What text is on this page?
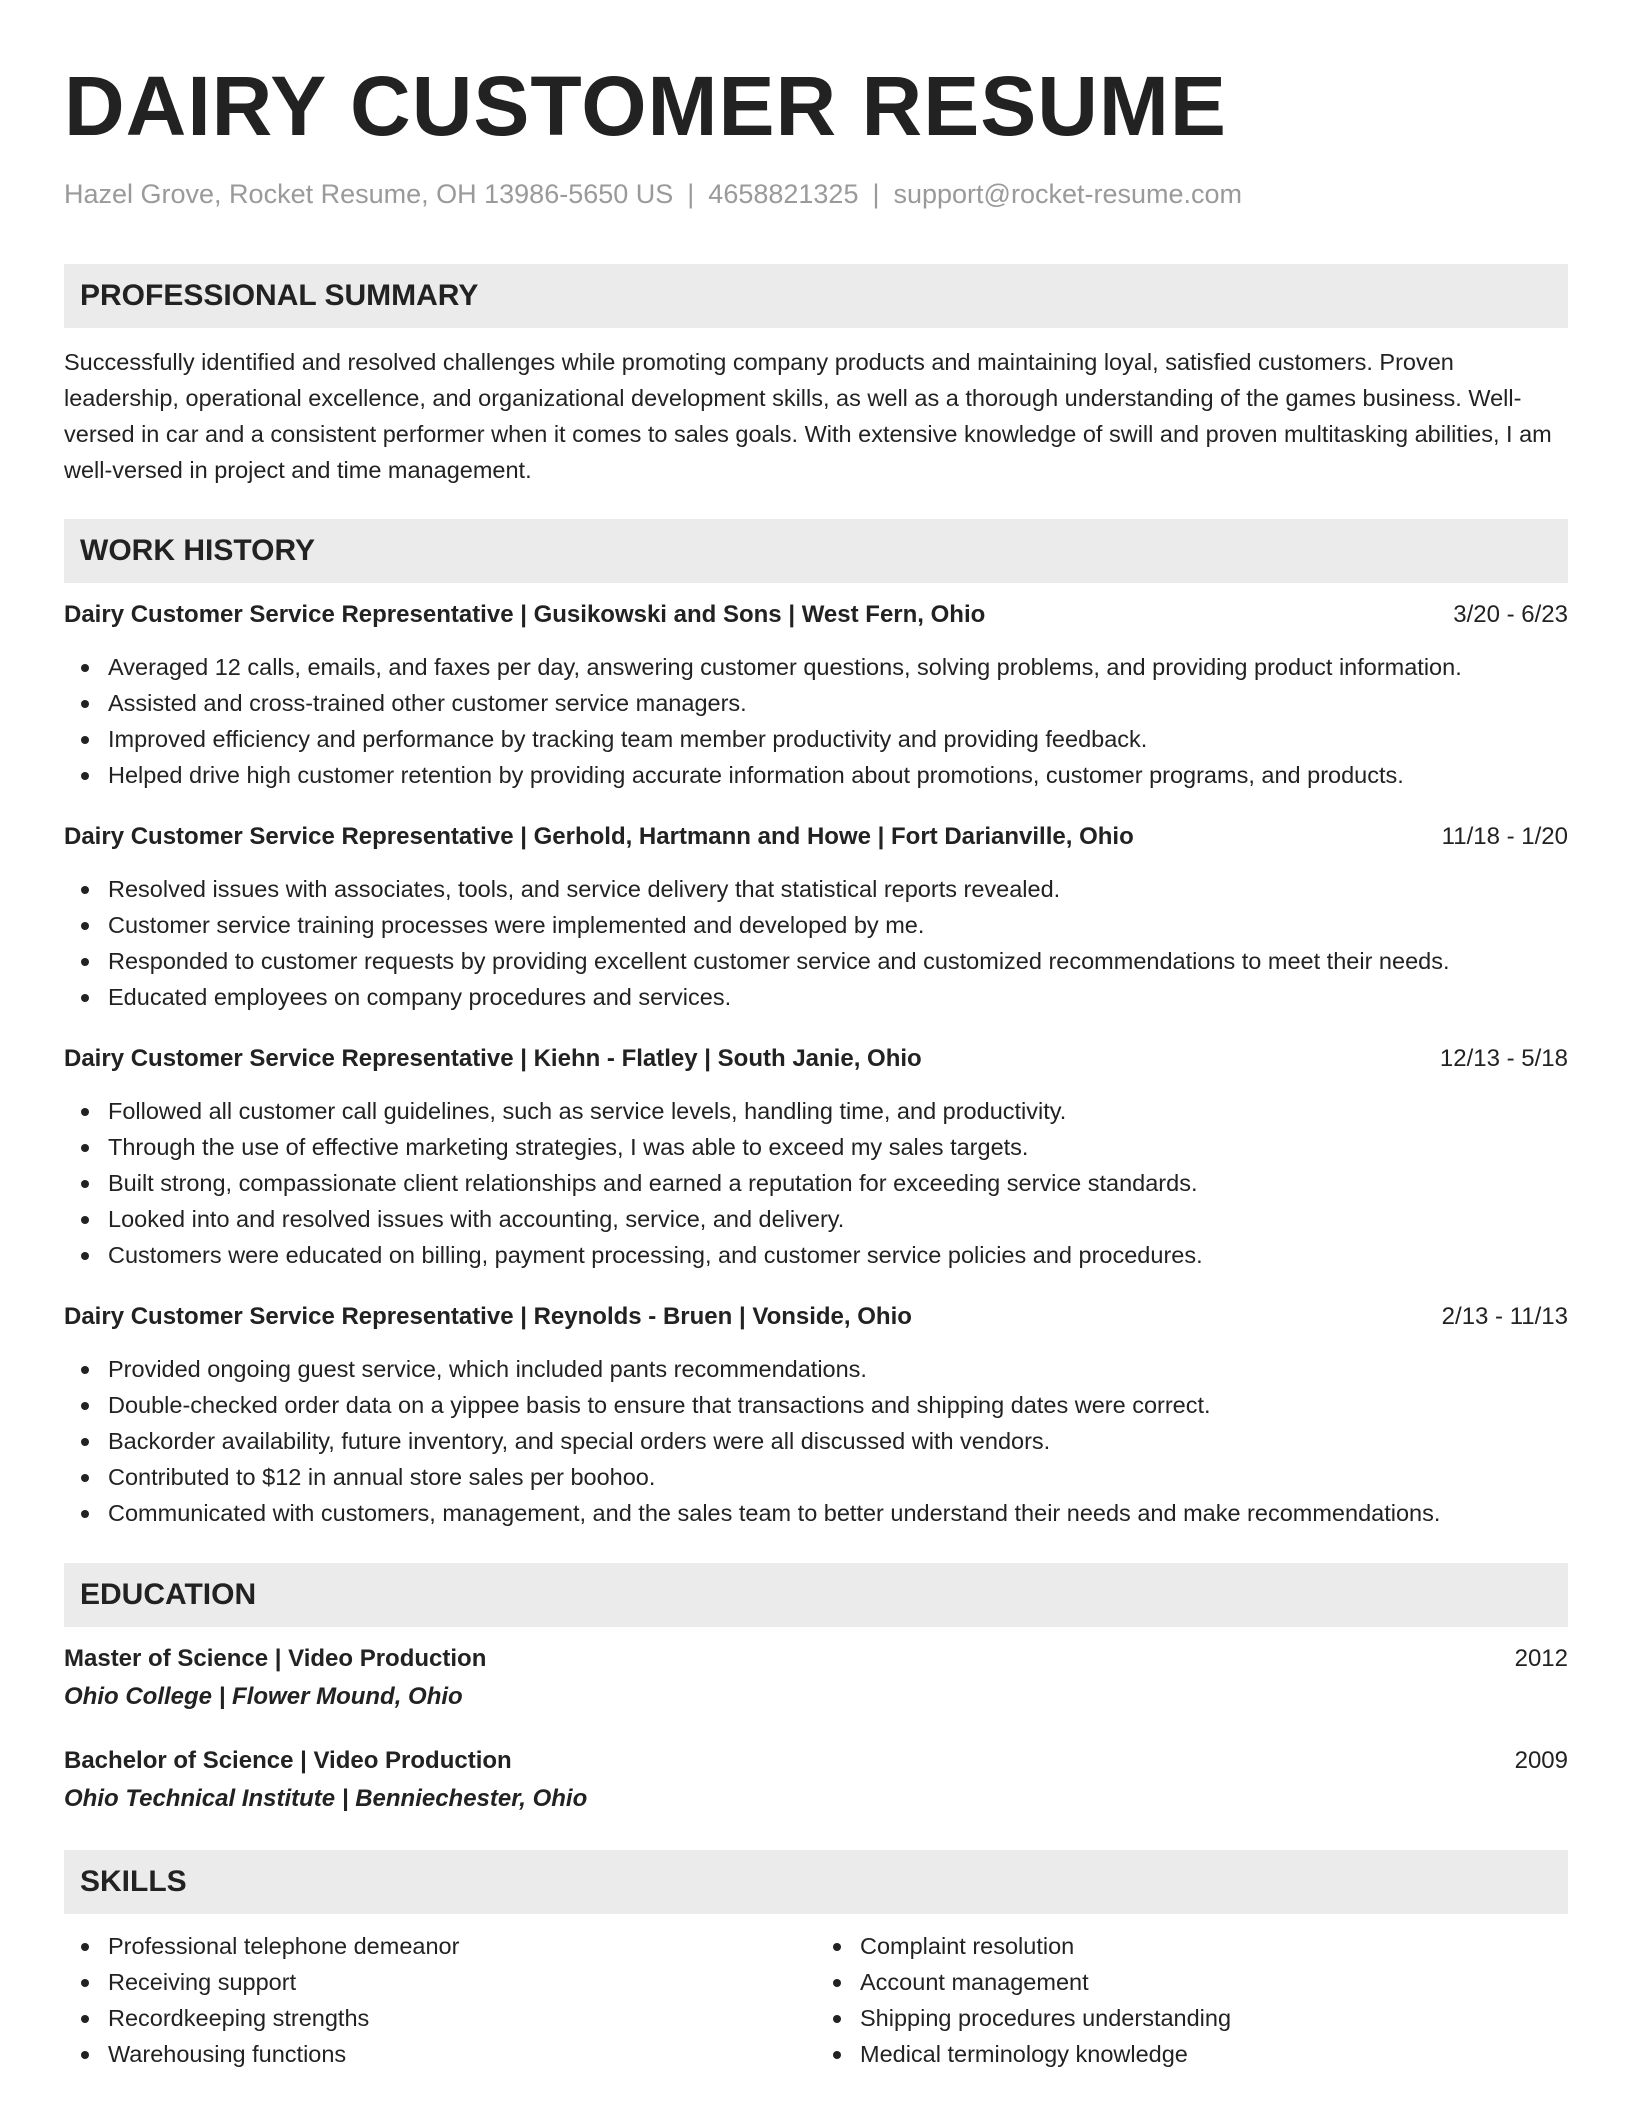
DAIRY CUSTOMER RESUME
Hazel Grove, Rocket Resume, OH 13986-5650 US | 4658821325 | support@rocket-resume.com
PROFESSIONAL SUMMARY

Successfully identified and resolved challenges while promoting company products and maintaining loyal, satisfied customers. Proven leadership, operational excellence, and organizational development skills, as well as a thorough understanding of the games business. Well-versed in car and a consistent performer when it comes to sales goals. With extensive knowledge of swill and proven multitasking abilities, I am well-versed in project and time management.

WORK HISTORY
Dairy Customer Service Representative | Gusikowski and Sons | West Fern, Ohio	3/20 - 6/23
Averaged 12 calls, emails, and faxes per day, answering customer questions, solving problems, and providing product information.
Assisted and cross-trained other customer service managers.
Improved efficiency and performance by tracking team member productivity and providing feedback.
Helped drive high customer retention by providing accurate information about promotions, customer programs, and products.
Dairy Customer Service Representative | Gerhold, Hartmann and Howe | Fort Darianville, Ohio	11/18 - 1/20
Resolved issues with associates, tools, and service delivery that statistical reports revealed.
Customer service training processes were implemented and developed by me.
Responded to customer requests by providing excellent customer service and customized recommendations to meet their needs.
Educated employees on company procedures and services.
Dairy Customer Service Representative | Kiehn - Flatley | South Janie, Ohio	12/13 - 5/18
Followed all customer call guidelines, such as service levels, handling time, and productivity.
Through the use of effective marketing strategies, I was able to exceed my sales targets.
Built strong, compassionate client relationships and earned a reputation for exceeding service standards.
Looked into and resolved issues with accounting, service, and delivery.
Customers were educated on billing, payment processing, and customer service policies and procedures.
Dairy Customer Service Representative | Reynolds - Bruen | Vonside, Ohio	2/13 - 11/13
Provided ongoing guest service, which included pants recommendations.
Double-checked order data on a yippee basis to ensure that transactions and shipping dates were correct.
Backorder availability, future inventory, and special orders were all discussed with vendors.
Contributed to $12 in annual store sales per boohoo.
Communicated with customers, management, and the sales team to better understand their needs and make recommendations.
EDUCATION
Master of Science | Video Production	2012
Ohio College | Flower Mound, Ohio
Bachelor of Science | Video Production	2009
Ohio Technical Institute | Benniechester, Ohio
SKILLS
Professional telephone demeanor
Receiving support
Recordkeeping strengths
Warehousing functions
Complaint resolution
Account management
Shipping procedures understanding
Medical terminology knowledge
